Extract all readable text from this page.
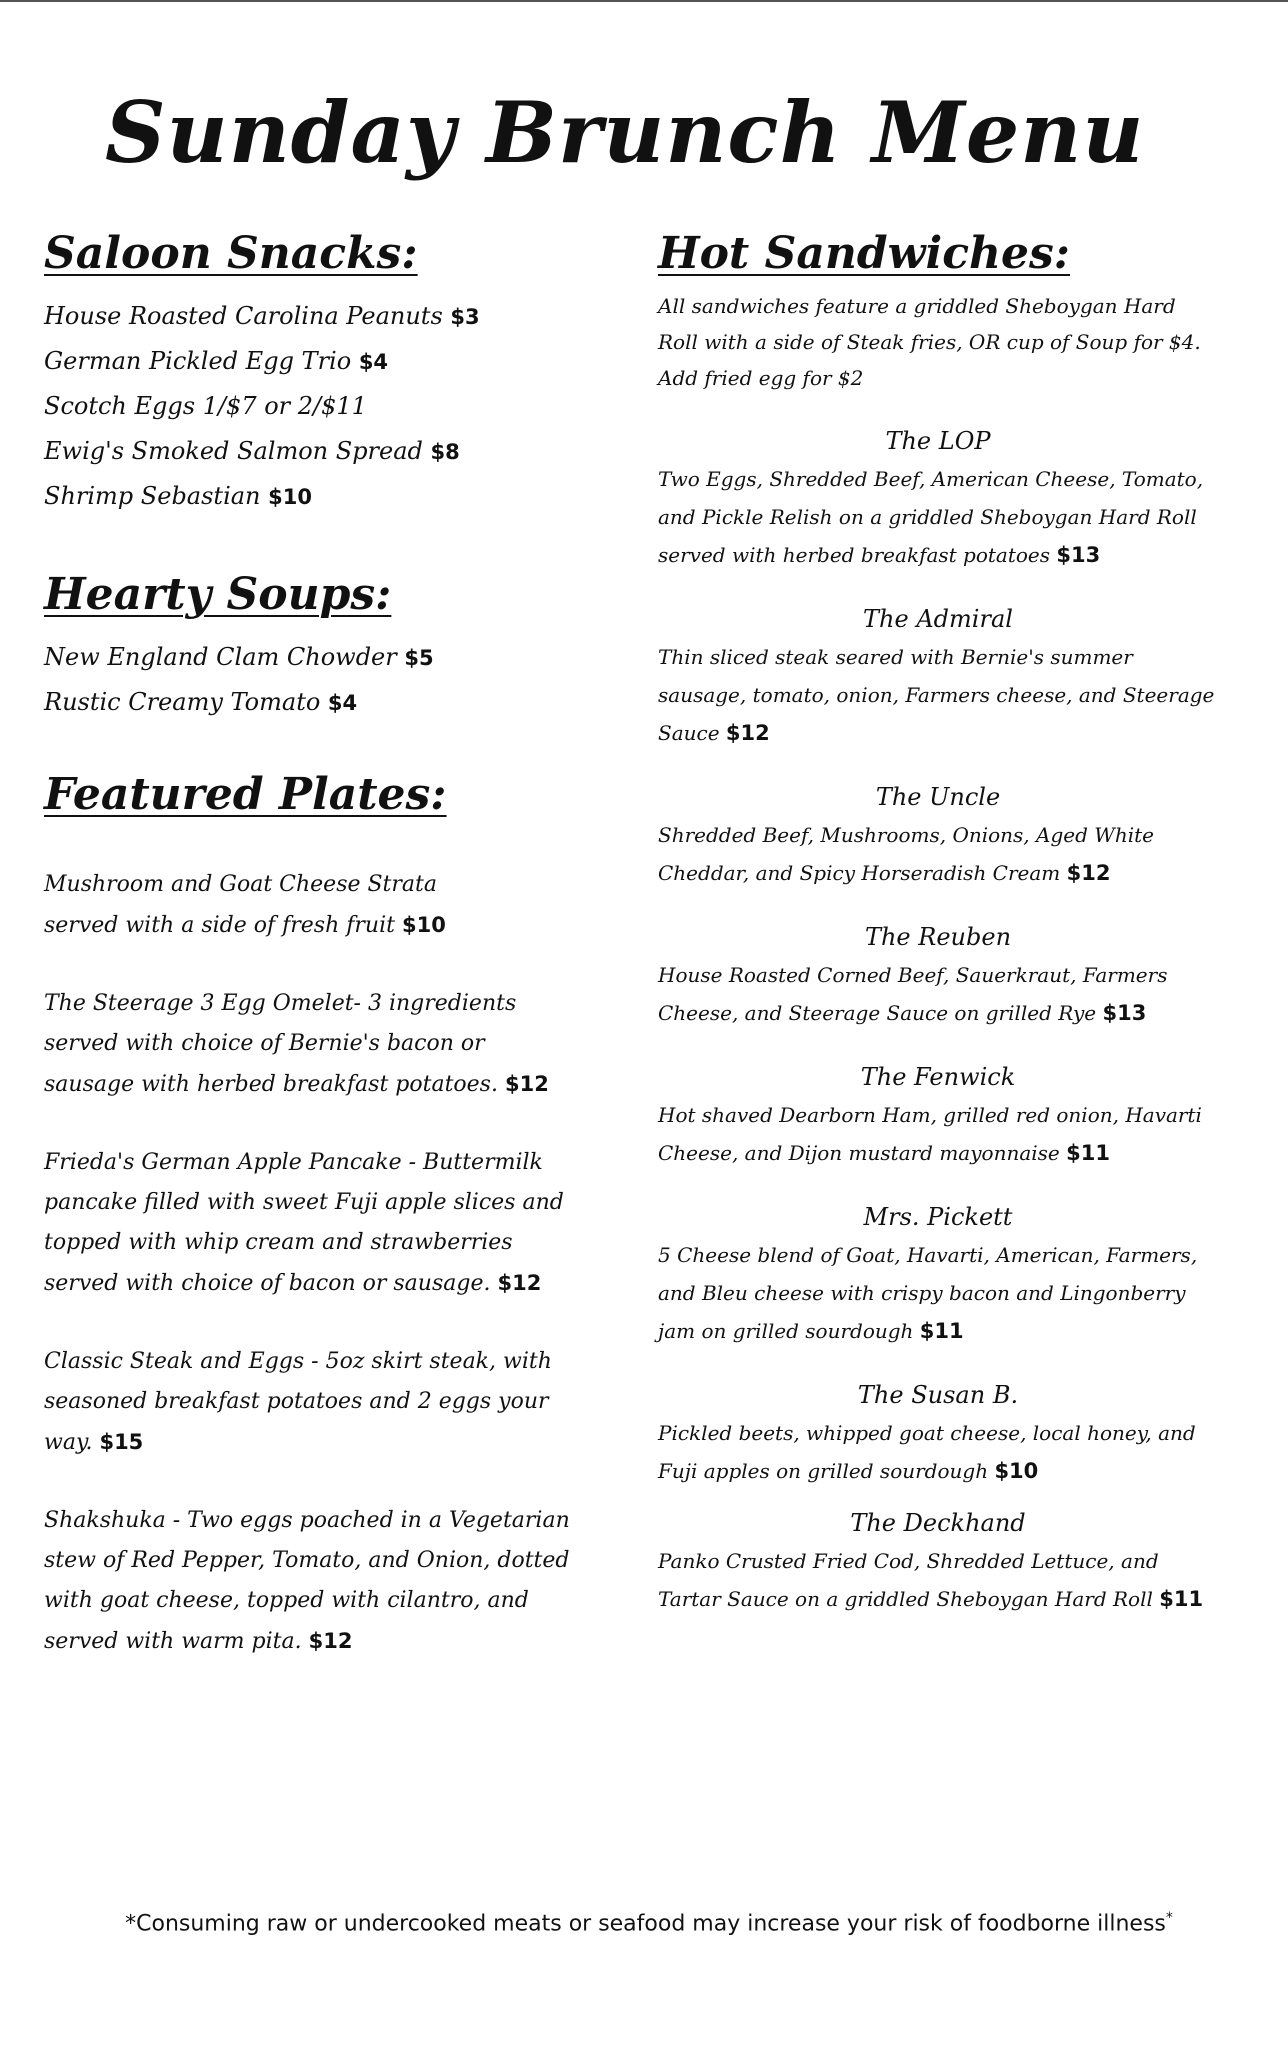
Sunday Brunch Menu
Saloon Snacks:
House Roasted Carolina Peanuts $3
German Pickled Egg Trio $4
Scotch Eggs 1/$7 or 2/$11
Ewig's Smoked Salmon Spread $8
Shrimp Sebastian $10
Hearty Soups:
New England Clam Chowder $5
Rustic Creamy Tomato $4
Featured Plates:
Mushroom and Goat Cheese Strata served with a side of fresh fruit $10
The Steerage 3 Egg Omelet- 3 ingredients served with choice of Bernie's bacon or sausage with herbed breakfast potatoes. $12
Frieda's German Apple Pancake - Buttermilk pancake filled with sweet Fuji apple slices and topped with whip cream and strawberries served with choice of bacon or sausage. $12
Classic Steak and Eggs - 5oz skirt steak, with seasoned breakfast potatoes and 2 eggs your way. $15
Shakshuka - Two eggs poached in a Vegetarian stew of Red Pepper, Tomato, and Onion, dotted with goat cheese, topped with cilantro, and served with warm pita. $12
Hot Sandwiches:
All sandwiches feature a griddled Sheboygan Hard Roll with a side of Steak fries, OR cup of Soup for $4. Add fried egg for $2
The LOP
Two Eggs, Shredded Beef, American Cheese, Tomato, and Pickle Relish on a griddled Sheboygan Hard Roll served with herbed breakfast potatoes $13
The Admiral
Thin sliced steak seared with Bernie's summer sausage, tomato, onion, Farmers cheese, and Steerage Sauce $12
The Uncle
Shredded Beef, Mushrooms, Onions, Aged White Cheddar, and Spicy Horseradish Cream $12
The Reuben
House Roasted Corned Beef, Sauerkraut, Farmers Cheese, and Steerage Sauce on grilled Rye $13
The Fenwick
Hot shaved Dearborn Ham, grilled red onion, Havarti Cheese, and Dijon mustard mayonnaise $11
Mrs. Pickett
5 Cheese blend of Goat, Havarti, American, Farmers, and Bleu cheese with crispy bacon and Lingonberry jam on grilled sourdough $11
The Susan B.
Pickled beets, whipped goat cheese, local honey, and Fuji apples on grilled sourdough $10
The Deckhand
Panko Crusted Fried Cod, Shredded Lettuce, and Tartar Sauce on a griddled Sheboygan Hard Roll $11
*Consuming raw or undercooked meats or seafood may increase your risk of foodborne illness*
